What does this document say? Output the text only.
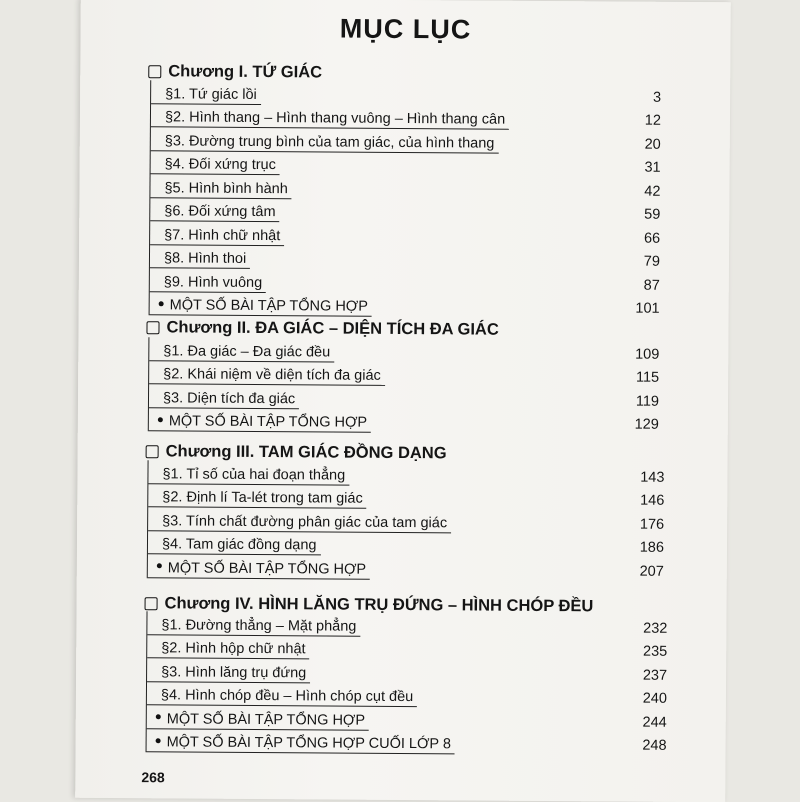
MỤC LỤC
Chương I. TỨ GIÁC
§1. Tứ giác lồi	3
§2. Hình thang – Hình thang vuông – Hình thang cân	12
§3. Đường trung bình của tam giác, của hình thang	20
§4. Đối xứng trục	31
§5. Hình bình hành	42
§6. Đối xứng tâm	59
§7. Hình chữ nhật	66
§8. Hình thoi	79
§9. Hình vuông	87
MỘT SỐ BÀI TẬP TỔNG HỢP	101
Chương II. ĐA GIÁC – DIỆN TÍCH ĐA GIÁC
§1. Đa giác – Đa giác đều	109
§2. Khái niệm về diện tích đa giác	115
§3. Diện tích đa giác	119
MỘT SỐ BÀI TẬP TỔNG HỢP	129
Chương III. TAM GIÁC ĐỒNG DẠNG
§1. Tỉ số của hai đoạn thẳng	143
§2. Định lí Ta-lét trong tam giác	146
§3. Tính chất đường phân giác của tam giác	176
§4. Tam giác đồng dạng	186
MỘT SỐ BÀI TẬP TỔNG HỢP	207
Chương IV. HÌNH LĂNG TRỤ ĐỨNG – HÌNH CHÓP ĐỀU
§1. Đường thẳng – Mặt phẳng	232
§2. Hình hộp chữ nhật	235
§3. Hình lăng trụ đứng	237
§4. Hình chóp đều – Hình chóp cụt đều	240
MỘT SỐ BÀI TẬP TỔNG HỢP	244
MỘT SỐ BÀI TẬP TỔNG HỢP CUỐI LỚP 8	248
268
